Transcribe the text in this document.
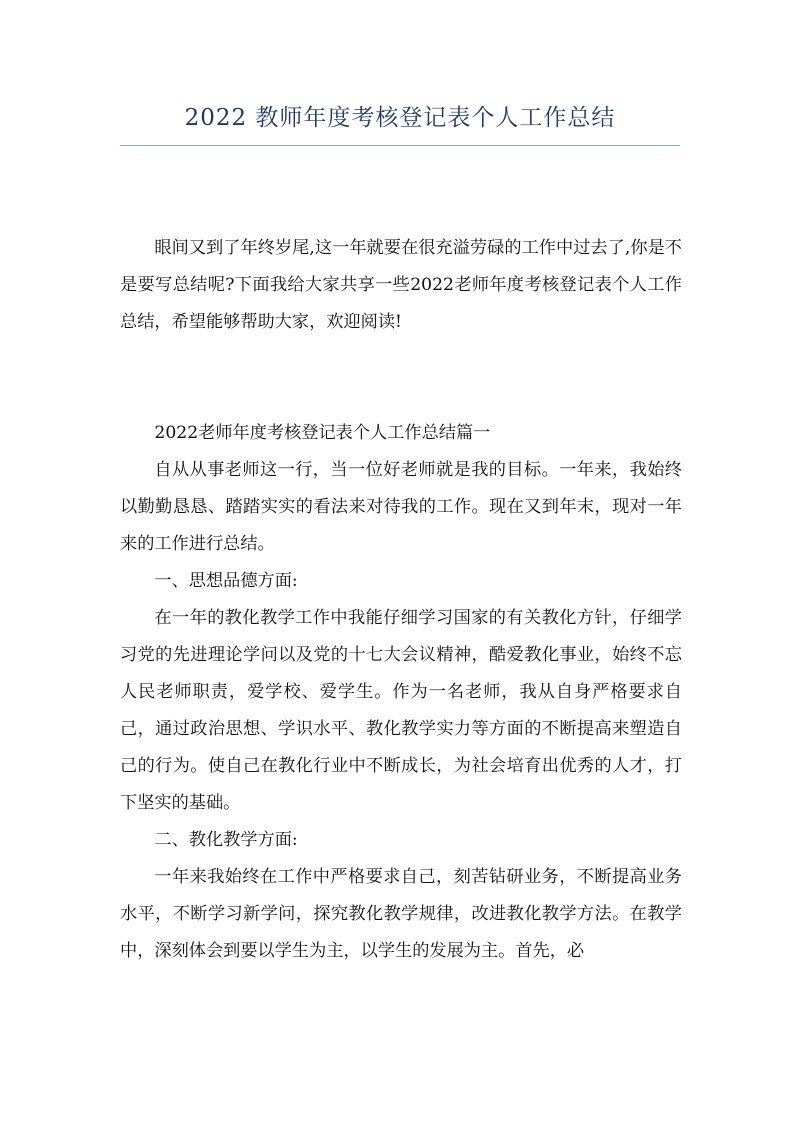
2022 教师年度考核登记表个人工作总结

眼间又到了年终岁尾,这一年就要在很充溢劳碌的工作中过去了,你是不是要写总结呢?下面我给大家共享一些2022老师年度考核登记表个人工作总结，希望能够帮助大家，欢迎阅读!

2022老师年度考核登记表个人工作总结篇一

自从从事老师这一行，当一位好老师就是我的目标。一年来，我始终以勤勤恳恳、踏踏实实的看法来对待我的工作。现在又到年末，现对一年来的工作进行总结。

一、思想品德方面:

在一年的教化教学工作中我能仔细学习国家的有关教化方针，仔细学习党的先进理论学问以及党的十七大会议精神，酷爱教化事业，始终不忘人民老师职责，爱学校、爱学生。作为一名老师，我从自身严格要求自己，通过政治思想、学识水平、教化教学实力等方面的不断提高来塑造自己的行为。使自己在教化行业中不断成长，为社会培育出优秀的人才，打下坚实的基础。

二、教化教学方面:

一年来我始终在工作中严格要求自己，刻苦钻研业务，不断提高业务水平，不断学习新学问，探究教化教学规律，改进教化教学方法。在教学中，深刻体会到要以学生为主，以学生的发展为主。首先，必
